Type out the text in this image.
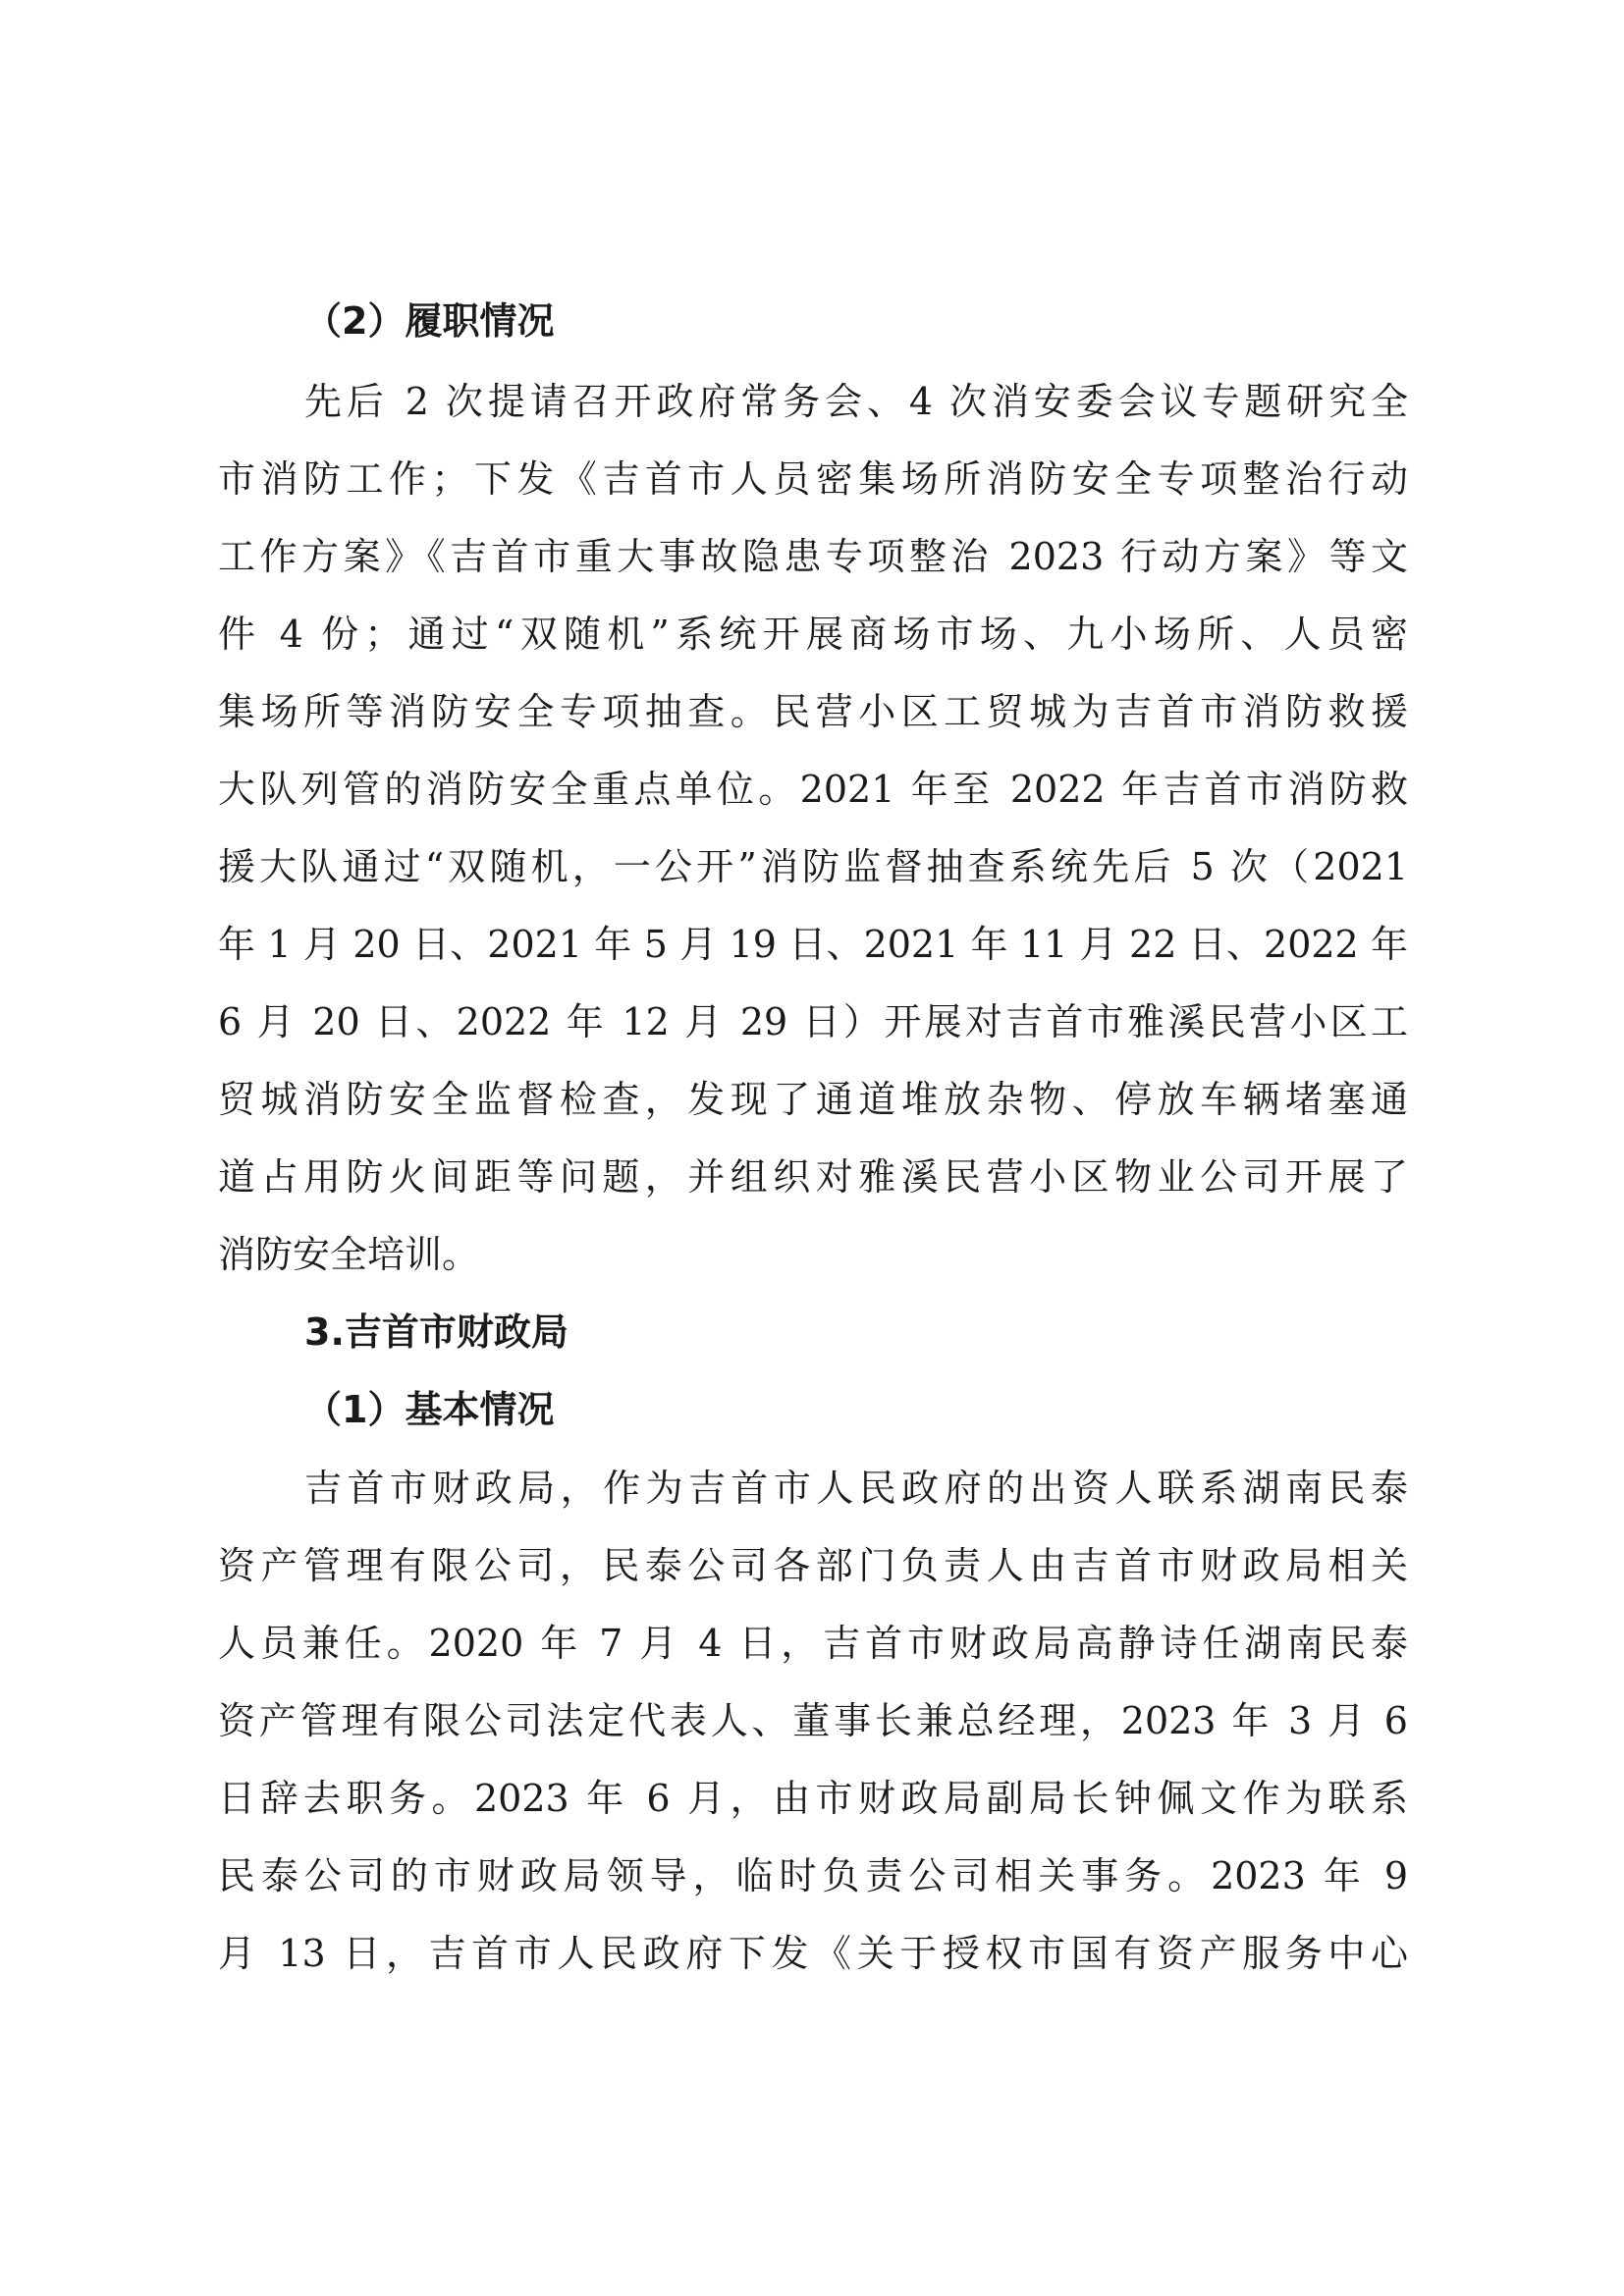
（2）履职情况
先后 2 次提请召开政府常务会、4 次消安委会议专题研究全
市消防工作；下发《吉首市人员密集场所消防安全专项整治行动
工作方案》《吉首市重大事故隐患专项整治 2023 行动方案》等文
件 4 份；通过“双随机”系统开展商场市场、九小场所、人员密
集场所等消防安全专项抽查。民营小区工贸城为吉首市消防救援
大队列管的消防安全重点单位。2021 年至 2022 年吉首市消防救
援大队通过“双随机，一公开”消防监督抽查系统先后 5 次（2021
年 1 月 20 日、2021 年 5 月 19 日、2021 年 11 月 22 日、2022 年
6 月 20 日、2022 年 12 月 29 日）开展对吉首市雅溪民营小区工
贸城消防安全监督检查，发现了通道堆放杂物、停放车辆堵塞通
道占用防火间距等问题，并组织对雅溪民营小区物业公司开展了
消防安全培训。
3.吉首市财政局
（1）基本情况
吉首市财政局，作为吉首市人民政府的出资人联系湖南民泰
资产管理有限公司，民泰公司各部门负责人由吉首市财政局相关
人员兼任。2020 年 7 月 4 日，吉首市财政局高静诗任湖南民泰
资产管理有限公司法定代表人、董事长兼总经理，2023 年 3 月 6
日辞去职务。2023 年 6 月，由市财政局副局长钟佩文作为联系
民泰公司的市财政局领导，临时负责公司相关事务。2023 年 9
月 13 日，吉首市人民政府下发《关于授权市国有资产服务中心
